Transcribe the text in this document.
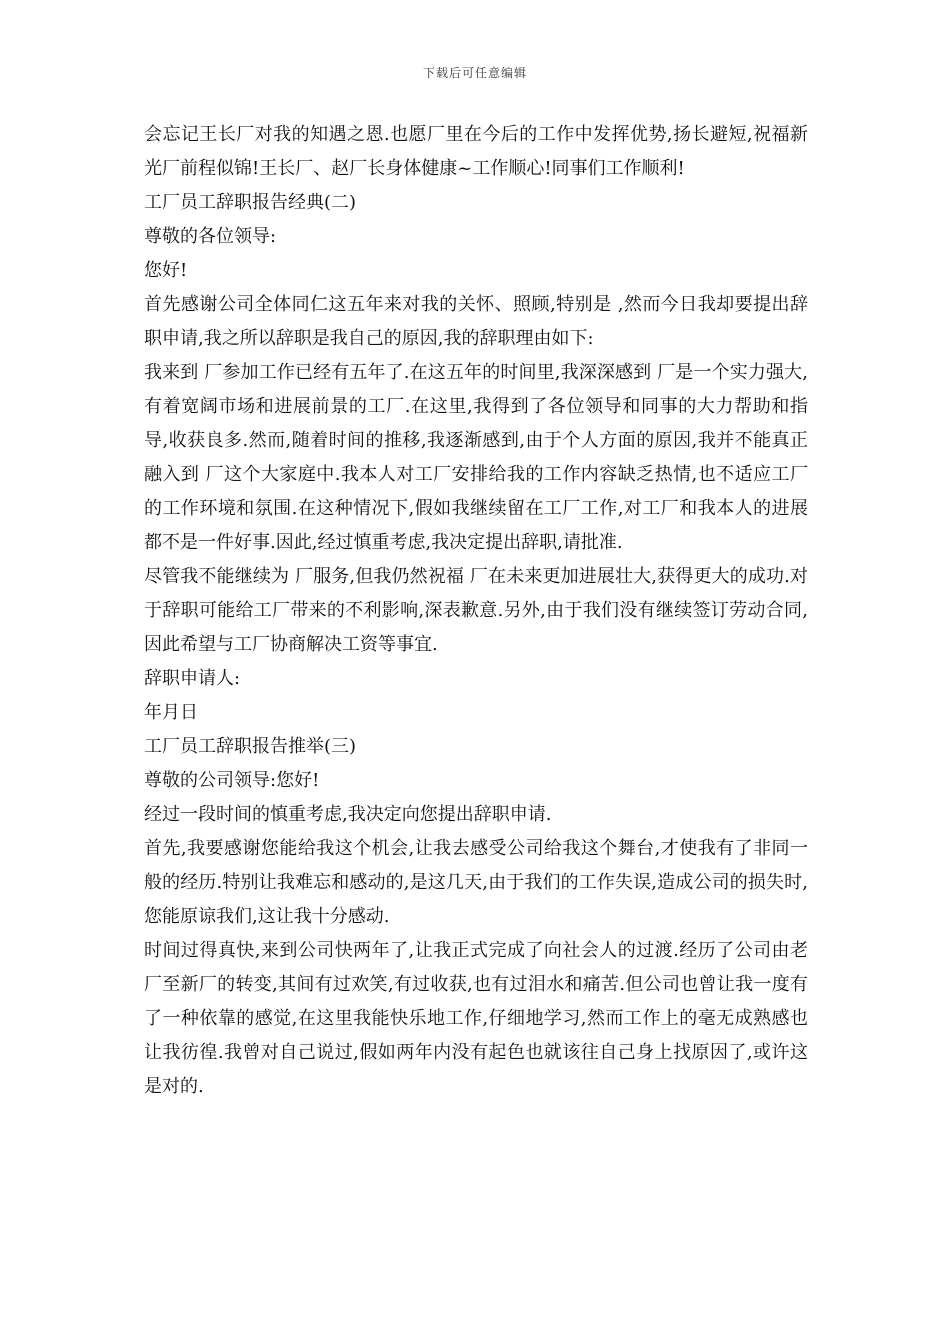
下载后可任意编辑

会忘记王长厂对我的知遇之恩.也愿厂里在今后的工作中发挥优势,扬长避短,祝福新光厂前程似锦!王长厂、赵厂长身体健康~工作顺心!同事们工作顺利!

工厂员工辞职报告经典(二)

尊敬的各位领导:

您好!

首先感谢公司全体同仁这五年来对我的关怀、照顾,特别是 ,然而今日我却要提出辞职申请,我之所以辞职是我自己的原因,我的辞职理由如下:

我来到 厂参加工作已经有五年了.在这五年的时间里,我深深感到 厂是一个实力强大,有着宽阔市场和进展前景的工厂.在这里,我得到了各位领导和同事的大力帮助和指导,收获良多.然而,随着时间的推移,我逐渐感到,由于个人方面的原因,我并不能真正融入到 厂这个大家庭中.我本人对工厂安排给我的工作内容缺乏热情,也不适应工厂的工作环境和氛围.在这种情况下,假如我继续留在工厂工作,对工厂和我本人的进展都不是一件好事.因此,经过慎重考虑,我决定提出辞职,请批准.

尽管我不能继续为 厂服务,但我仍然祝福 厂在未来更加进展壮大,获得更大的成功.对于辞职可能给工厂带来的不利影响,深表歉意.另外,由于我们没有继续签订劳动合同,因此希望与工厂协商解决工资等事宜.

辞职申请人:

年月日

工厂员工辞职报告推举(三)

尊敬的公司领导:您好!

经过一段时间的慎重考虑,我决定向您提出辞职申请.

首先,我要感谢您能给我这个机会,让我去感受公司给我这个舞台,才使我有了非同一般的经历.特别让我难忘和感动的,是这几天,由于我们的工作失误,造成公司的损失时,您能原谅我们,这让我十分感动.

时间过得真快,来到公司快两年了,让我正式完成了向社会人的过渡.经历了公司由老厂至新厂的转变,其间有过欢笑,有过收获,也有过泪水和痛苦.但公司也曾让我一度有了一种依靠的感觉,在这里我能快乐地工作,仔细地学习,然而工作上的毫无成熟感也让我彷徨.我曾对自己说过,假如两年内没有起色也就该往自己身上找原因了,或许这是对的.
